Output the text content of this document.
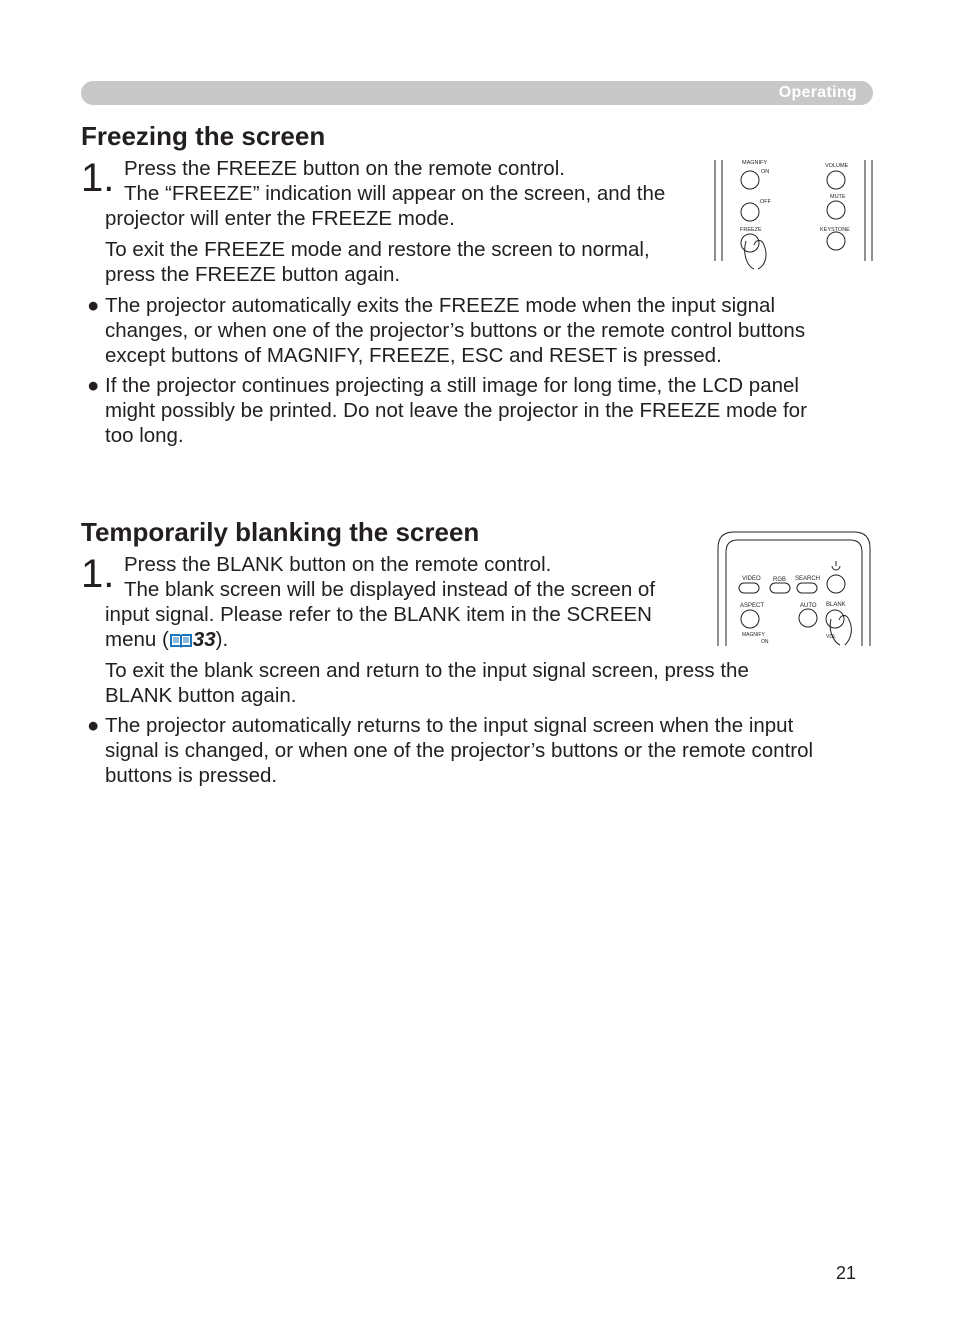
Operating
Freezing the screen
1. Press the FREEZE button on the remote control.

The “FREEZE” indication will appear on the screen, and the

projector will enter the FREEZE mode.

To exit the FREEZE mode and restore the screen to normal,

press the FREEZE button again.

MAGNIFY
ON
OFF
FREEZE
VOLUME
MUTE
KEYSTONE
● The projector automatically exits the FREEZE mode when the input signal
changes, or when one of the projector’s buttons or the remote control buttons
except buttons of MAGNIFY, FREEZE, ESC and RESET is pressed.
● If the projector continues projecting a still image for long time, the LCD panel
might possibly be printed. Do not leave the projector in the FREEZE mode for
too long.
Temporarily blanking the screen
1. Press the BLANK button on the remote control.

The blank screen will be displayed instead of the screen of

input signal. Please refer to the BLANK item in the SCREEN

menu ( 33).

To exit the blank screen and return to the input signal screen, press the

BLANK button again.

VIDEO RGB SEARCH
ASPECT	AUTO BLANK
MAGNIFY
ON
VOL
● The projector automatically returns to the input signal screen when the input
signal is changed, or when one of the projector’s buttons or the remote control
buttons is pressed.
21
